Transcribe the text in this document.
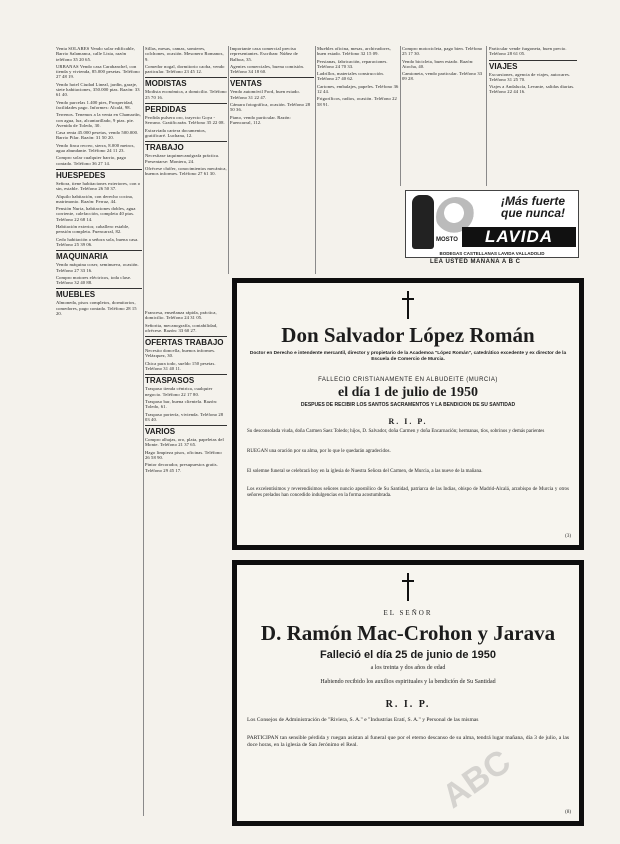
Venta SOLARES Vendo solar edificable, Barrio Salamanca, calle Lista, razón teléfono 35 20 65.

URBANAS Vendo casa Carabanchel, con tienda y vivienda, 85.000 pesetas. Teléfono 27 48 19.

Vendo hotel Ciudad Lineal, jardín, garaje, siete habitaciones, 350.000 ptas. Razón: 33 61 40.

Vendo parcelas 1.400 pies, Prosperidad, facilidades pago. Informes: Alcalá, 98.

Terrenos. Tenemos a la venta en Chamartín, con agua, luz, alcantarillado, 9 ptas. pie. Avenida de Toledo, 30.

Casa renta 45.000 pesetas, vendo 500.000. Barrio Pilar. Razón: 31 50 20.

Vendo finca recreo, sierra, 8.000 metros, agua abundante. Teléfono 24 11 23.

Compro solar cualquier barrio, pago contado. Teléfono 36 27 14.

HUESPEDES

Señora, tiene habitaciones exteriores, con o sin, estable. Teléfono 26 50 37.

Alquilo habitación, con derecho cocina, matrimonio. Razón: Ferraz, 44.

Pensión Nuria, habitaciones dobles, agua corriente, calefacción, completa 40 ptas. Teléfono 22 68 14.

Habitación exterior, caballero estable, pensión completa. Fuencarral, 82.

Cedo habitación a señora sola, buena casa. Teléfono 25 39 06.

MAQUINARIA

Vendo máquina coser, seminueva, ocasión. Teléfono 27 33 16.

Compro motores eléctricos, toda clase. Teléfono 32 40 88.

MUEBLES

Almoneda, pisos completos, dormitorios, comedores, pago contado. Teléfono 28 15 20.

Sillas, mesas, camas, somieres, colchones, ocasión. Mesonero Romanos, 9.

Comedor nogal, dormitorio caoba, vendo particular. Teléfono 23 45 12.

MODISTAS

Modista económica, a domicilio. Teléfono 25 70 16.

PERDIDAS

Perdida pulsera oro, trayecto Goya - Serrano. Gratificarán. Teléfono 35 22 08.

Extraviada cartera documentos, gratificaré. Luchana, 12.

TRABAJO

Necesítase taquimecanógrafa práctica. Presentarse: Montera, 24.

Ofrécese chófer, conocimientos mecánica, buenos informes. Teléfono 27 61 30.

Importante casa comercial precisa representantes. Escriban: Núñez de Balboa, 35.

Agentes comerciales, buena comisión. Teléfono 34 18 60.

VENTAS

Vendo automóvil Ford, buen estado. Teléfono 31 22 47.

Cámara fotográfica, ocasión. Teléfono 28 50 36.

Piano, vendo particular. Razón: Fuencarral, 112.

Muebles oficina, mesas, archivadores, buen estado. Teléfono 32 15 09.

Persianas, fabricación, reparaciones. Teléfono 24 70 33.

Ladrillos, materiales construcción. Teléfono 27 40 62.

Cartones, embalajes, papeles. Teléfono 36 12 44.

Frigoríficos, radios, ocasión. Teléfono 22 58 91.

Compro motocicleta, pago bien. Teléfono 25 17 30.

Vendo bicicleta, buen estado. Razón: Atocha, 40.

Camioneta, vendo particular. Teléfono 33 09 28.

Particular vende furgoneta, buen precio. Teléfono 28 61 05.

VIAJES

Excursiones, agencia de viajes, autocares. Teléfono 31 25 70.

Viajes a Andalucía, Levante, salidas diarias. Teléfono 22 44 16.

Francesa, enseñanza rápida, práctica, domicilio. Teléfono 24 31 05.

Señorita, mecanografía, contabilidad, ofrécese. Razón: 33 60 27.

OFERTAS TRABAJO

Necesito doncella, buenos informes. Velázquez, 30.

Chica para todo, sueldo 150 pesetas. Teléfono 31 40 11.

TRASPASOS

Traspaso tienda céntrica, cualquier negocio. Teléfono 22 17 80.

Traspaso bar, buena clientela. Razón: Toledo, 61.

Traspaso portería, vivienda. Teléfono 28 03 40.

VARIOS

Compro alhajas, oro, plata, papeletas del Monte. Teléfono 21 37 65.

Hago limpieza pisos, oficinas. Teléfono 26 58 90.

Pintor decorador, presupuestos gratis. Teléfono 29 45 17.

¡Más fuerte que nunca!
MOSTO	LAVIDA
BODEGAS CASTELLANAS LAVIDA VALLADOLID
LEA USTED MAÑANA A B C
Don Salvador López Román
Doctor en Derecho e intendente mercantil, director y propietario de la Academoa "López Román", catedrático excedente y ex director de la Escuela de Comercio de Murcia.
FALLECIO CRISTIANAMENTE EN ALBUDEITE (MURCIA)
el día 1 de julio de 1950
DESPUES DE RECIBIR LOS SANTOS SACRAMENTOS Y LA BENDICION DE SU SANTIDAD
R. I. P.
Su desconsolada viuda, doña Carmen Saez Toledo; hijos, D. Salvador, doña Carmen y doña Encarnación; hermanas, tíos, sobrinos y demás parientes
RUEGAN una oración por su alma, por lo que le quedarán agradecidos.
El solemne funeral se celebrará hoy en la iglesia de Nuestra Señora del Carmen, de Murcia, a las nueve de la mañana.
Los excelentísimos y reverendísimos señores nuncio apostólico de Su Santidad, patriarca de las Indias, obispo de Madrid-Alcalá, arzobispo de Murcia y otros señores prelados han concedido indulgencias en la forma acostumbrada.
(3)
EL SEÑOR
D. Ramón Mac-Crohon y Jarava
Falleció el día 25 de junio de 1950
a los treinta y dos años de edad
Habiendo recibido los auxilios espirituales y la bendición de Su Santidad
R. I. P.
Los Consejos de Administración de "Riviera, S. A." e "Industrias Eratí, S. A." y Personal de las mismas
PARTICIPAN tan sensible pérdida y ruegan asistan al funeral que por el eterno descanso de su alma, tendrá lugar mañana, día 3 de julio, a las doce horas, en la iglesia de San Jerónimo el Real.
(8)
ABC
